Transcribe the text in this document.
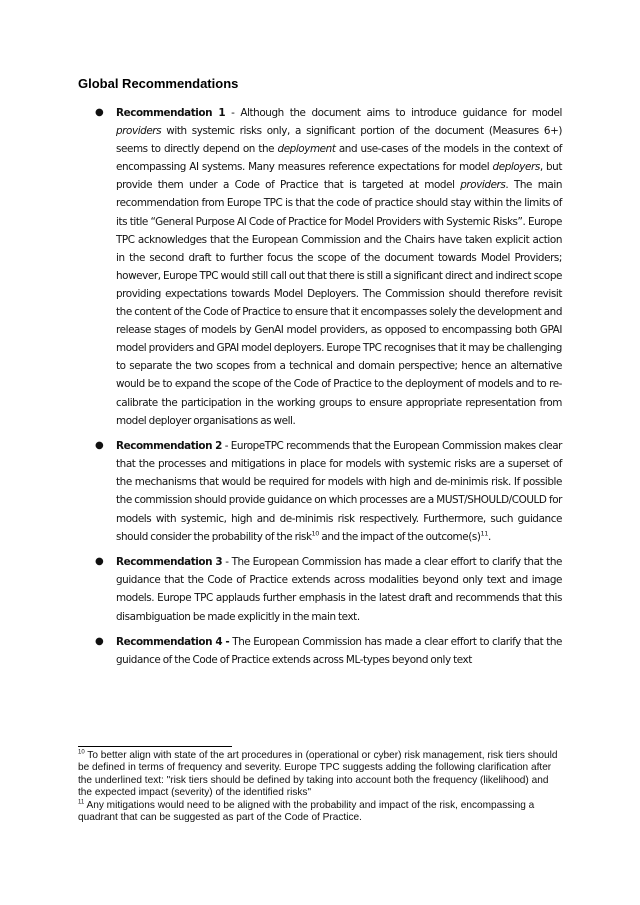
Global Recommendations
● Recommendation 1 - Although the document aims to introduce guidance for model providers with systemic risks only, a significant portion of the document (Measures 6+) seems to directly depend on the deployment and use-cases of the models in the context of encompassing AI systems. Many measures reference expectations for model deployers, but provide them under a Code of Practice that is targeted at model providers. The main recommendation from Europe TPC is that the code of practice should stay within the limits of its title “General Purpose AI Code of Practice for Model Providers with Systemic Risks”. Europe TPC acknowledges that the European Commission and the Chairs have taken explicit action in the second draft to further focus the scope of the document towards Model Providers; however, Europe TPC would still call out that there is still a significant direct and indirect scope providing expectations towards Model Deployers. The Commission should therefore revisit the content of the Code of Practice to ensure that it encompasses solely the development and release stages of models by GenAI model providers, as opposed to encompassing both GPAI model providers and GPAI model deployers. Europe TPC recognises that it may be challenging to separate the two scopes from a technical and domain perspective; hence an alternative would be to expand the scope of the Code of Practice to the deployment of models and to re-calibrate the participation in the working groups to ensure appropriate representation from model deployer organisations as well.

● Recommendation 2 - EuropeTPC recommends that the European Commission makes clear that the processes and mitigations in place for models with systemic risks are a superset of the mechanisms that would be required for models with high and de-minimis risk. If possible the commission should provide guidance on which processes are a MUST/SHOULD/COULD for models with systemic, high and de-minimis risk respectively. Furthermore, such guidance should consider the probability of the risk$^{10}$ and the impact of the $outcome(s)^{11}$.

● Recommendation 3 - The European Commission has made a clear effort to clarify that the guidance that the Code of Practice extends across modalities beyond only text and image models. Europe TPC applauds further emphasis in the latest draft and recommends that this disambiguation be made explicitly in the main text.

● Recommendation 4 - The European Commission has made a clear effort to clarify that the guidance of the Code of Practice extends across ML-types beyond only text

$^{10}$ To better align with state of the art procedures in (operational or cyber) risk management, risk tiers should be defined in terms of frequency and severity. Europe TPC suggests adding the following clarification after the underlined text: "risk tiers should be defined by taking into account both the frequency (likelihood) and the expected impact (severity) of the identified risks"

$^{11}$ Any mitigations would need to be aligned with the probability and impact of the risk, encompassing a quadrant that can be suggested as part of the Code of Practice.
